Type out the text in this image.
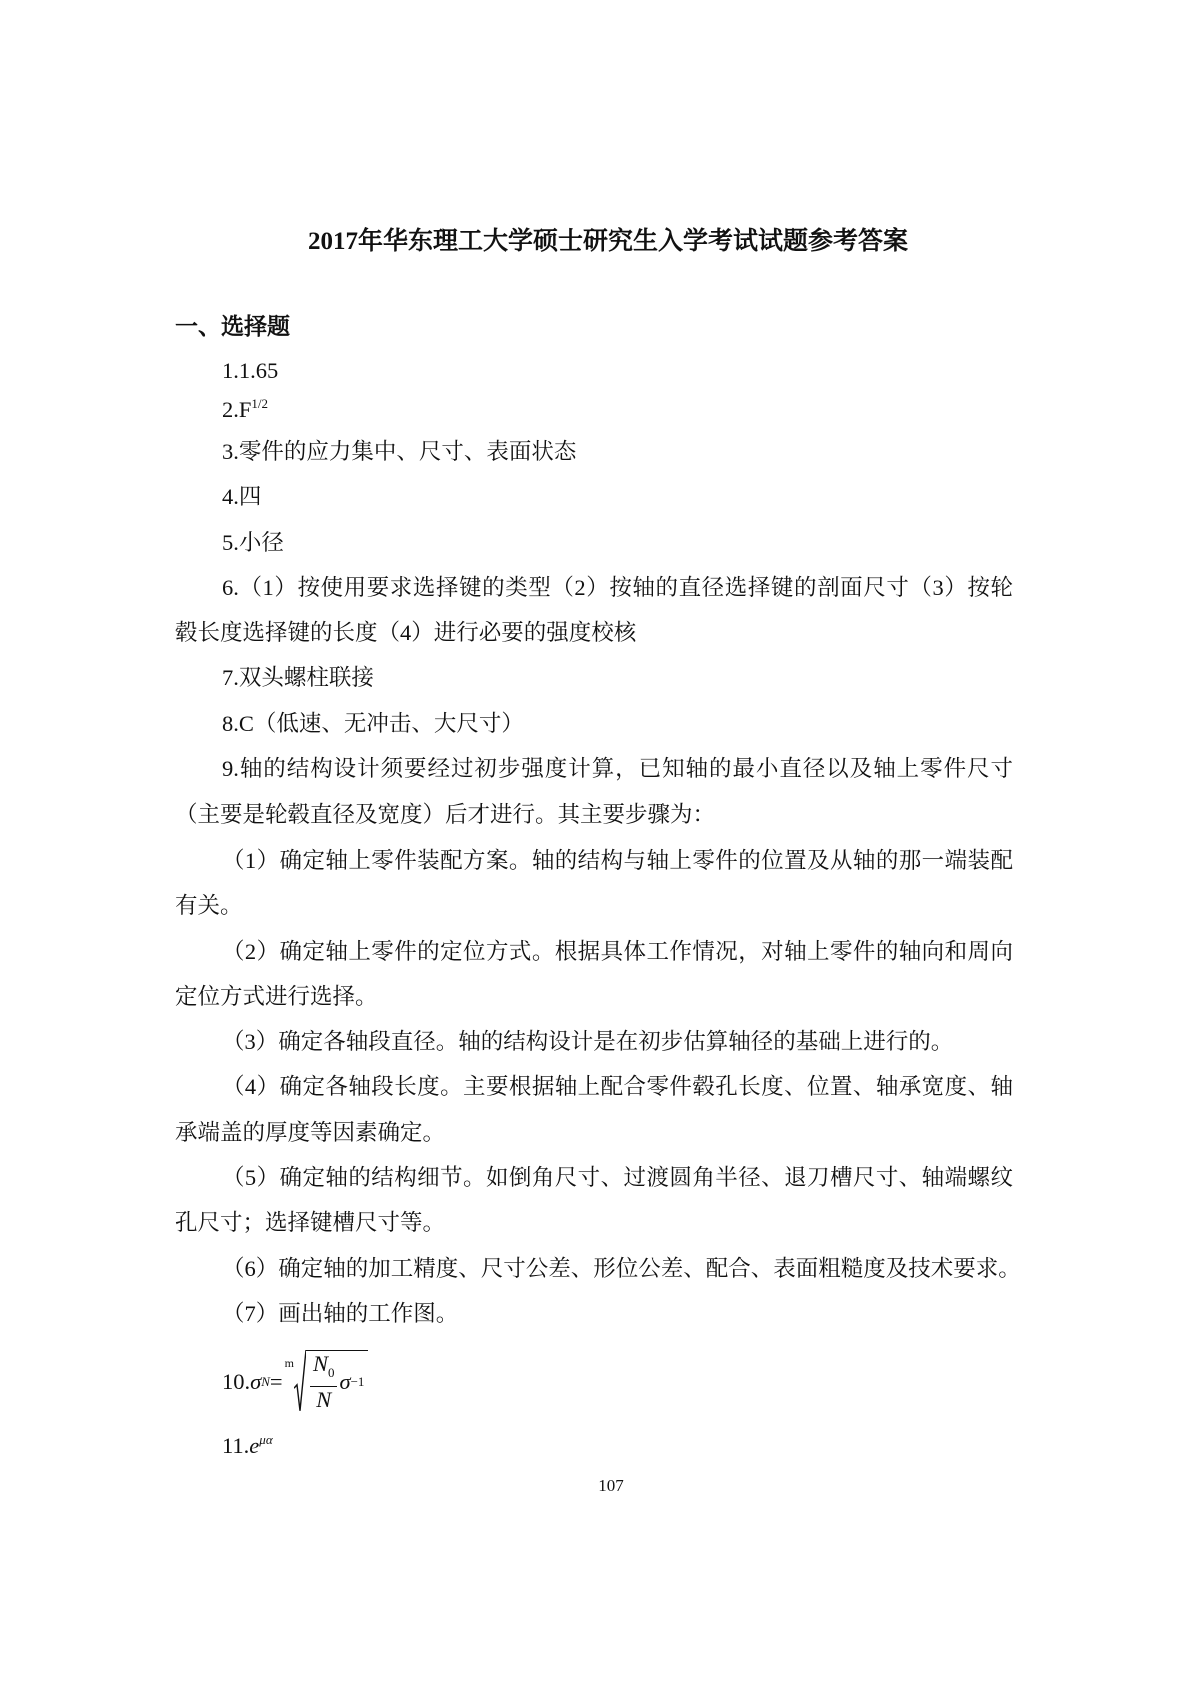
2017年华东理工大学硕士研究生入学考试试题参考答案
一、选择题
1.1.65
$2.F^{1/2}$
3.零件的应力集中、尺寸、表面状态
4.四
5.小径
6.（1）按使用要求选择键的类型（2）按轴的直径选择键的剖面尺寸（3）按轮
毂长度选择键的长度（4）进行必要的强度校核
7.双头螺柱联接
8.C（低速、无冲击、大尺寸）
9.轴的结构设计须要经过初步强度计算，已知轴的最小直径以及轴上零件尺寸
（主要是轮毂直径及宽度）后才进行。其主要步骤为：
（1）确定轴上零件装配方案。轴的结构与轴上零件的位置及从轴的那一端装配
有关。
（2）确定轴上零件的定位方式。根据具体工作情况，对轴上零件的轴向和周向
定位方式进行选择。
（3）确定各轴段直径。轴的结构设计是在初步估算轴径的基础上进行的。
（4）确定各轴段长度。主要根据轴上配合零件毂孔长度、位置、轴承宽度、轴
承端盖的厚度等因素确定。
（5）确定轴的结构细节。如倒角尺寸、过渡圆角半径、退刀槽尺寸、轴端螺纹
孔尺寸；选择键槽尺寸等。
（6）确定轴的加工精度、尺寸公差、形位公差、配合、表面粗糙度及技术要求。
（7）画出轴的工作图。
10. σ N =
m $\frac{N_0}{N}$ σ −1
$11.e^{\mu\alpha}$
107
